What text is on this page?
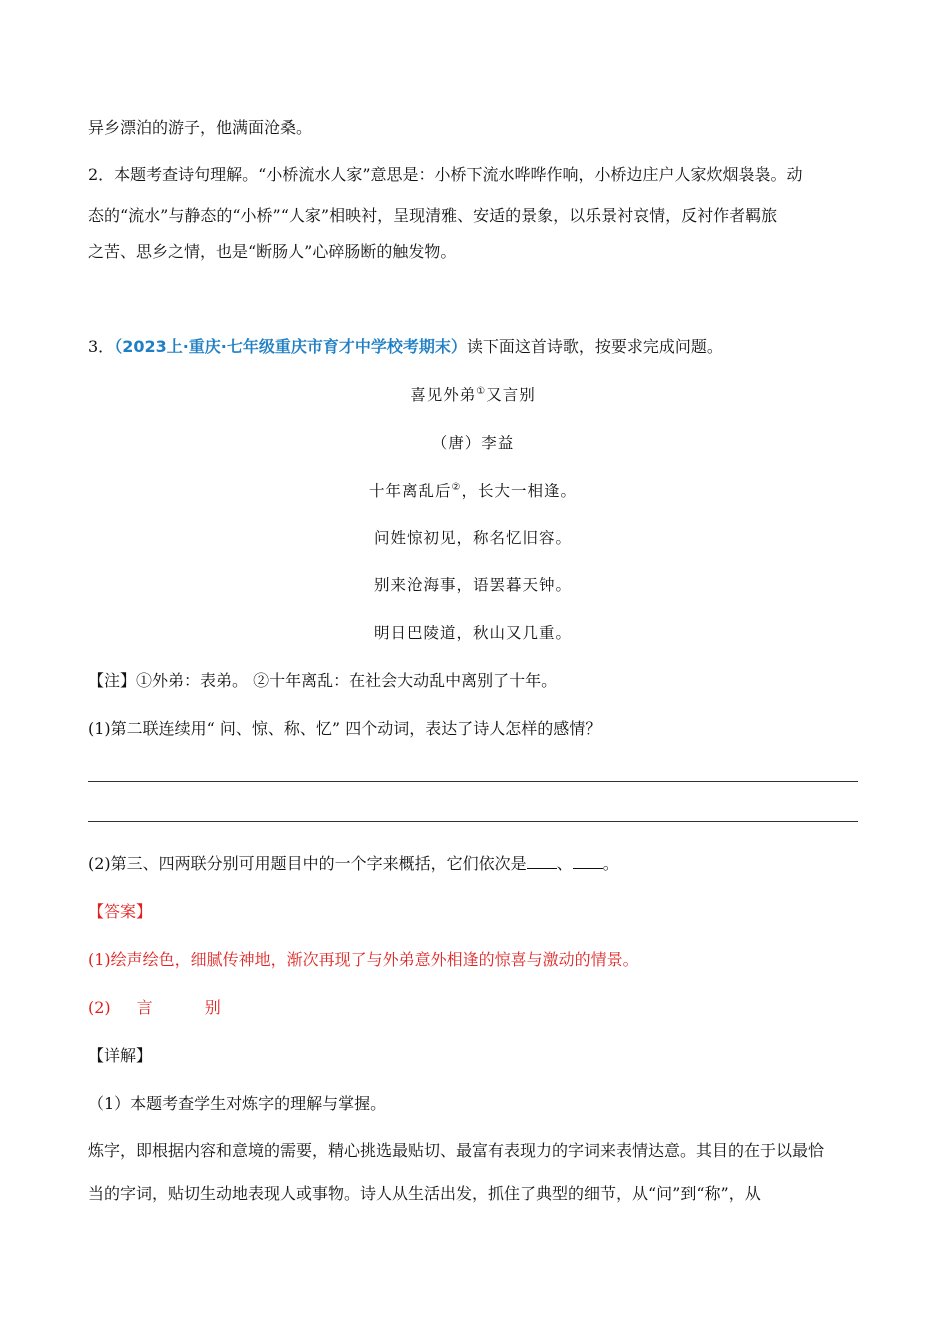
异乡漂泊的游子，他满面沧桑。
2．本题考查诗句理解。“小桥流水人家”意思是：小桥下流水哗哗作响，小桥边庄户人家炊烟袅袅。动
态的“流水”与静态的“小桥”“人家”相映衬，呈现清雅、安适的景象，以乐景衬哀情，反衬作者羁旅
之苦、思乡之情，也是“断肠人”心碎肠断的触发物。
3．（2023上·重庆·七年级重庆市育才中学校考期末）读下面这首诗歌，按要求完成问题。
喜见外弟①又言别
（唐）李益
十年离乱后②，长大一相逢。
问姓惊初见，称名忆旧容。
别来沧海事，语罢暮天钟。
明日巴陵道，秋山又几重。
【注】①外弟：表弟。 ②十年离乱：在社会大动乱中离别了十年。
(1)第二联连续用“ 问、惊、称、忆” 四个动词，表达了诗人怎样的感情？
(2)第三、四两联分别可用题目中的一个字来概括，它们依次是 、 。
【答案】
(1)绘声绘色，细腻传神地，渐次再现了与外弟意外相逢的惊喜与激动的情景。
(2) 言	别
【详解】
（1）本题考查学生对炼字的理解与掌握。
炼字，即根据内容和意境的需要，精心挑选最贴切、最富有表现力的字词来表情达意。其目的在于以最恰
当的字词，贴切生动地表现人或事物。诗人从生活出发，抓住了典型的细节，从“问”到“称”，从
